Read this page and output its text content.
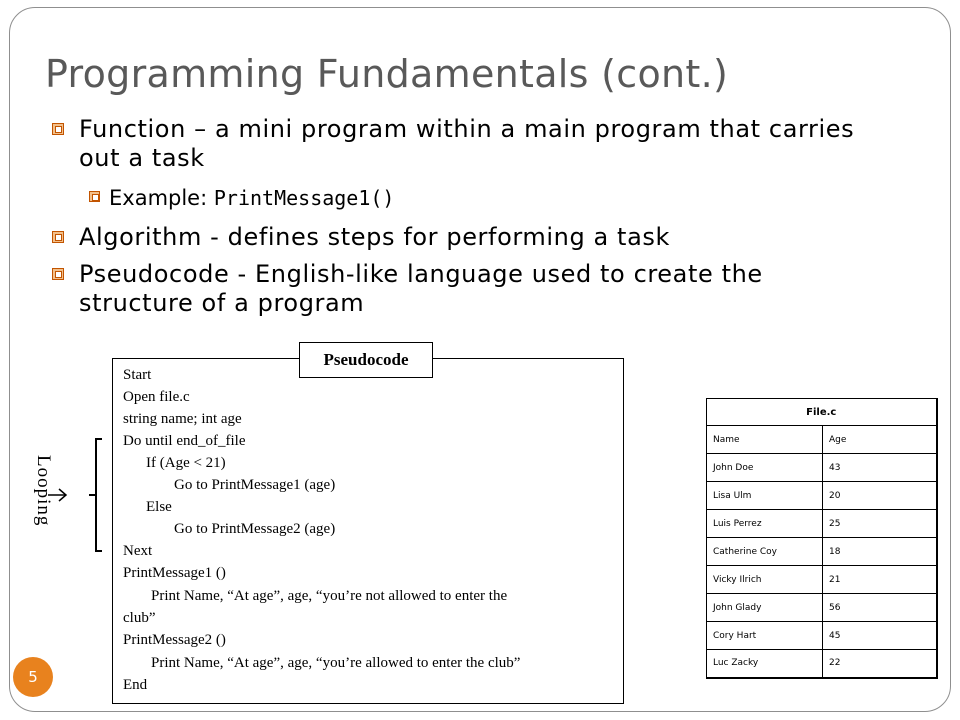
Programming Fundamentals (cont.)
Function – a mini program within a main program that carries out a task
Example: PrintMessage1()
Algorithm - defines steps for performing a task
Pseudocode - English-like language used to create the structure of a program
Start
Open file.c
string name; int age
Do until end_of_file
If (Age < 21)
Go to PrintMessage1 (age)
Else
Go to PrintMessage2 (age)
Next
PrintMessage1 ()
Print Name, “At age”, age, “you’re not allowed to enter the
club”
PrintMessage2 ()
Print Name, “At age”, age, “you’re allowed to enter the club”
End
Pseudocode
Looping
File.c	
Name	Age
John Doe	43
Lisa Ulm	20
Luis Perrez	25
Catherine Coy	18
Vicky Ilrich	21
John Glady	56
Cory Hart	45
Luc Zacky	22
5
